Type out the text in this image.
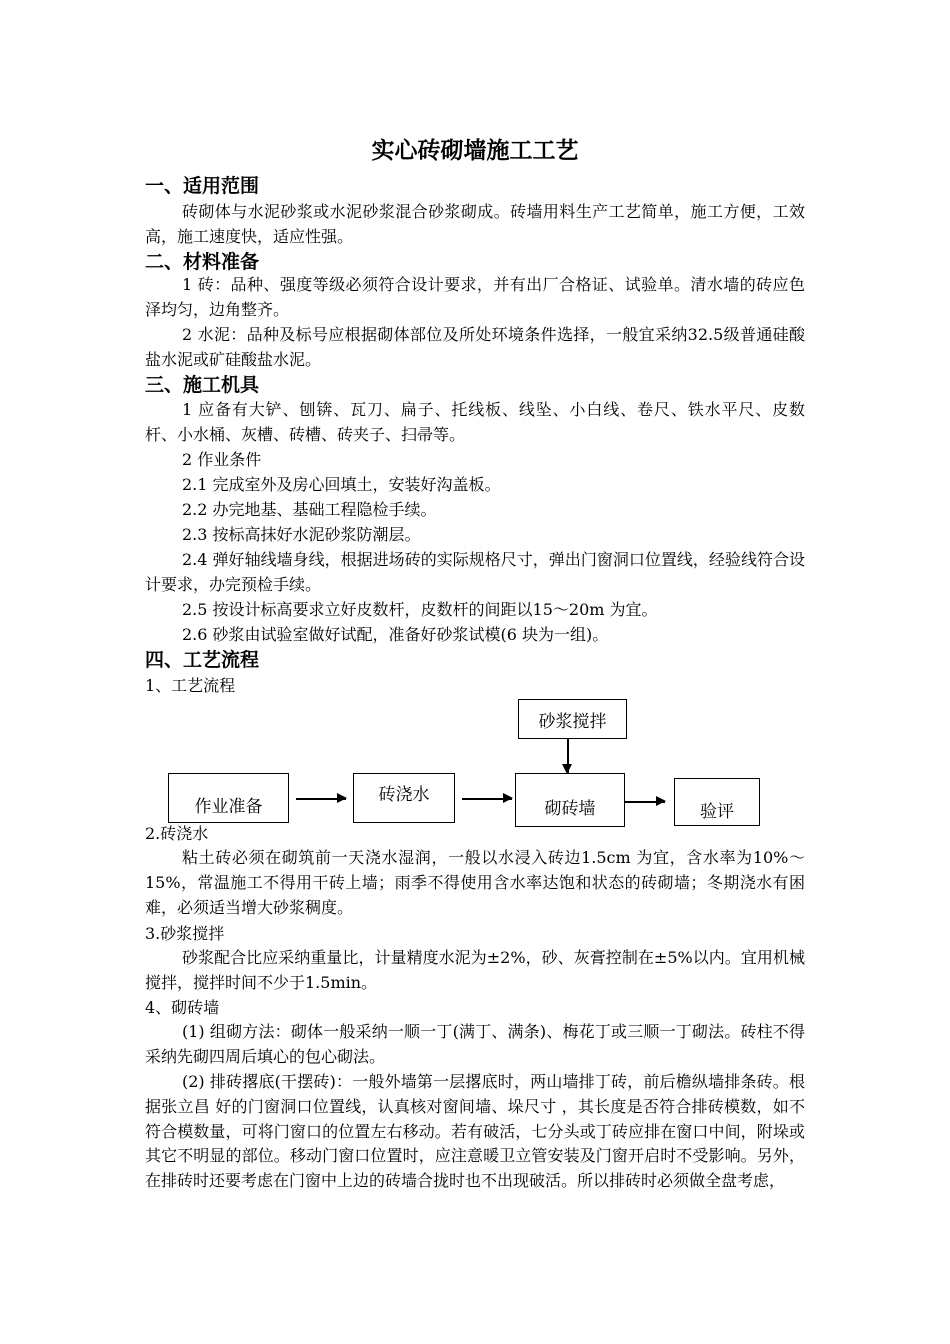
实心砖砌墙施工工艺
一、适用范围

砖砌体与水泥砂浆或水泥砂浆混合砂浆砌成。砖墙用料生产工艺简单，施工方便，工效高，施工速度快，适应性强。

二、材料准备

1 砖：品种、强度等级必须符合设计要求，并有出厂合格证、试验单。清水墙的砖应色泽均匀，边角整齐。

2 水泥：品种及标号应根据砌体部位及所处环境条件选择，一般宜采纳32.5级普通硅酸盐水泥或矿硅酸盐水泥。

三、施工机具

1 应备有大铲、刨锛、瓦刀、扁子、托线板、线坠、小白线、卷尺、铁水平尺、皮数杆、小水桶、灰槽、砖槽、砖夹子、扫帚等。

2 作业条件

2.1 完成室外及房心回填土，安装好沟盖板。

2.2 办完地基、基础工程隐检手续。

2.3 按标高抹好水泥砂浆防潮层。

2.4 弹好轴线墙身线，根据进场砖的实际规格尺寸，弹出门窗洞口位置线，经验线符合设计要求，办完预检手续。

2.5 按设计标高要求立好皮数杆，皮数杆的间距以15～20m 为宜。

2.6 砂浆由试验室做好试配，准备好砂浆试模(6 块为一组)。

四、工艺流程

1、工艺流程

砂浆搅拌
作业准备
砖浇水
砌砖墙	验评

2.砖浇水

粘土砖必须在砌筑前一天浇水湿润，一般以水浸入砖边1.5cm 为宜，含水率为10%～15%，常温施工不得用干砖上墙；雨季不得使用含水率达饱和状态的砖砌墙；冬期浇水有困难，必须适当增大砂浆稠度。

3.砂浆搅拌

砂浆配合比应采纳重量比，计量精度水泥为±2%，砂、灰膏控制在±5%以内。宜用机械搅拌，搅拌时间不少于1.5min。

4、砌砖墙

(1) 组砌方法：砌体一般采纳一顺一丁(满丁、满条)、梅花丁或三顺一丁砌法。砖柱不得采纳先砌四周后填心的包心砌法。

(2) 排砖撂底(干摆砖)：一般外墙第一层撂底时，两山墙排丁砖，前后檐纵墙排条砖。根据张立昌 好的门窗洞口位置线，认真核对窗间墙、垛尺寸 ，其长度是否符合排砖模数，如不符合模数量，可将门窗口的位置左右移动。若有破活，七分头或丁砖应排在窗口中间，附垛或其它不明显的部位。移动门窗口位置时，应注意暖卫立管安装及门窗开启时不受影响。另外，在排砖时还要考虑在门窗中上边的砖墙合拢时也不出现破活。所以排砖时必须做全盘考虑，
